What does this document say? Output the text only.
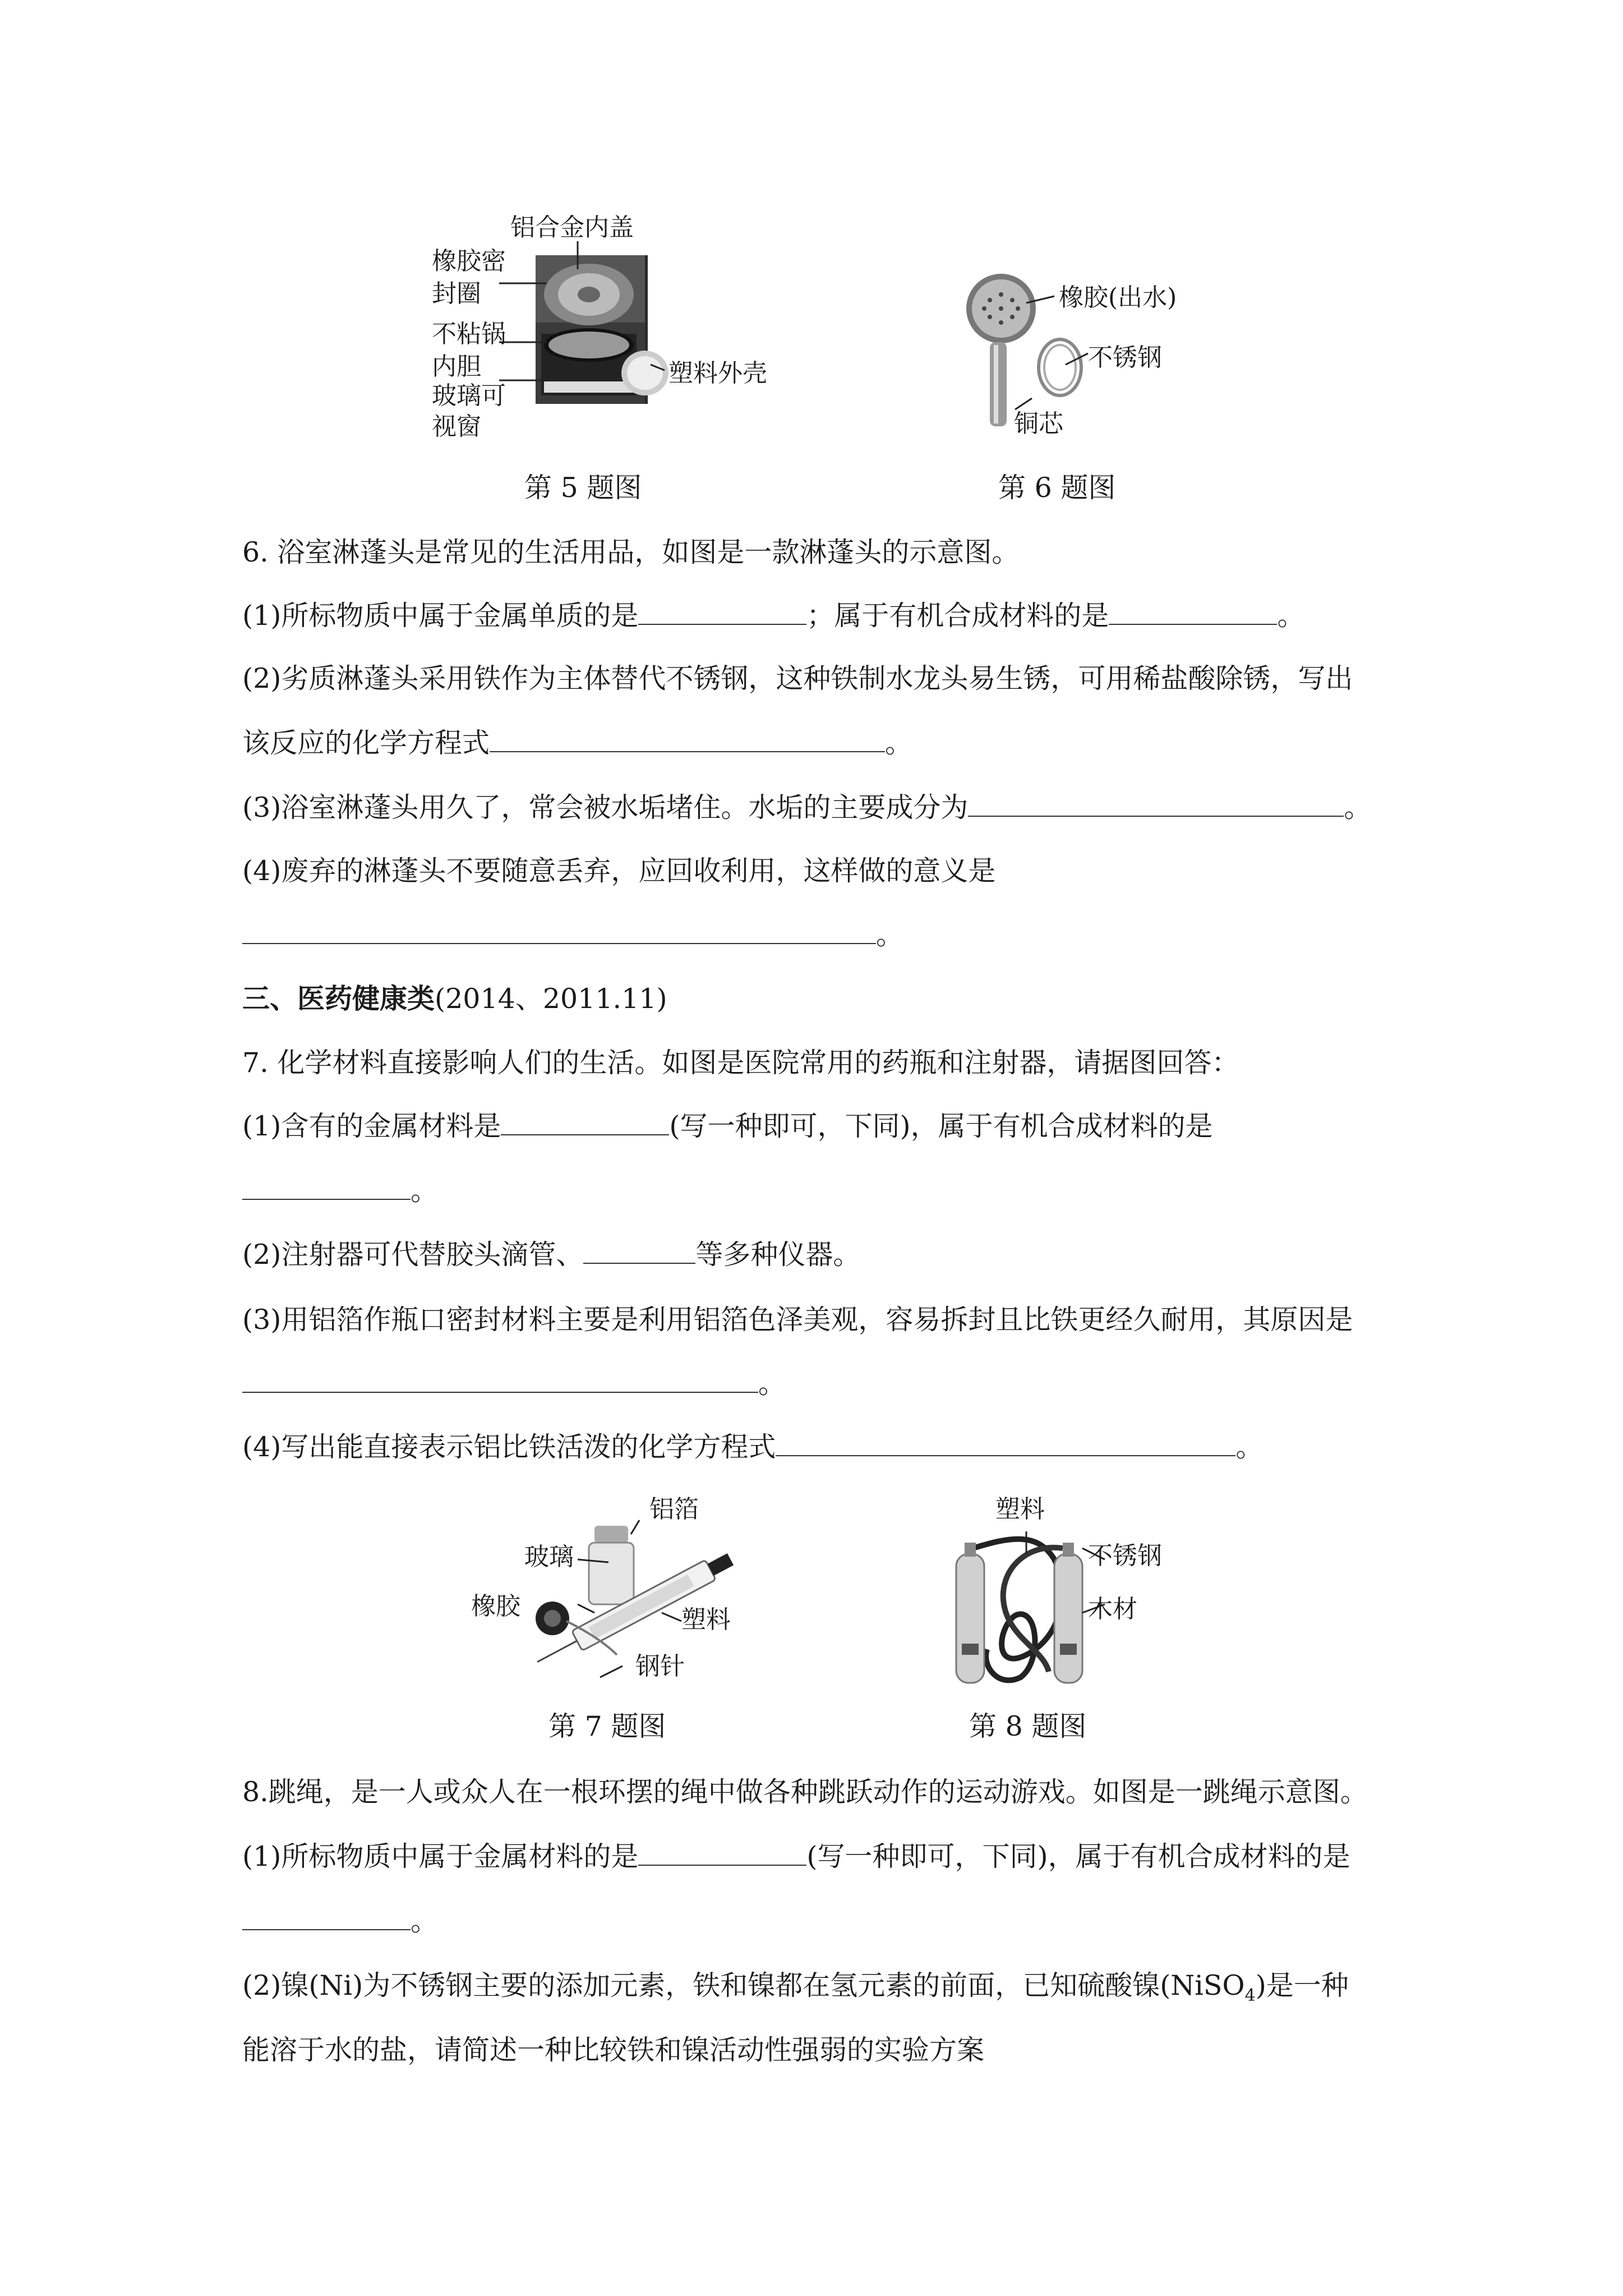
铝合金内盖
橡胶密
封圈
不粘锅
内胆	塑料外壳
玻璃可
视窗
第 5 题图
橡胶(出水)
不锈钢
铜芯
第 6 题图
6. 浴室淋蓬头是常见的生活用品，如图是一款淋蓬头的示意图。
(1)所标物质中属于金属单质的是	；属于有机合成材料的是	。
(2)劣质淋蓬头采用铁作为主体替代不锈钢，这种铁制水龙头易生锈，可用稀盐酸除锈，写出
该反应的化学方程式	。
(3)浴室淋蓬头用久了，常会被水垢堵住。水垢的主要成分为	。
(4)废弃的淋蓬头不要随意丢弃，应回收利用，这样做的意义是
。
三、医药健康类(2014、2011.11)
7. 化学材料直接影响人们的生活。如图是医院常用的药瓶和注射器，请据图回答：
(1)含有的金属材料是	(写一种即可，下同)，属于有机合成材料的是
。
(2)注射器可代替胶头滴管、	等多种仪器。
(3)用铝箔作瓶口密封材料主要是利用铝箔色泽美观，容易拆封且比铁更经久耐用，其原因是
。
(4)写出能直接表示铝比铁活泼的化学方程式	。
铝箔
玻璃
橡胶	塑料
钢针
第 7 题图
塑料
不锈钢
木材
第 8 题图
8.跳绳，是一人或众人在一根环摆的绳中做各种跳跃动作的运动游戏。如图是一跳绳示意图。
(1)所标物质中属于金属材料的是	(写一种即可，下同)，属于有机合成材料的是
。
(2)镍(Ni)为不锈钢主要的添加元素，铁和镍都在氢元素的前面，已知硫酸镍(NiSO$_4$)是一种
能溶于水的盐，请简述一种比较铁和镍活动性强弱的实验方案
